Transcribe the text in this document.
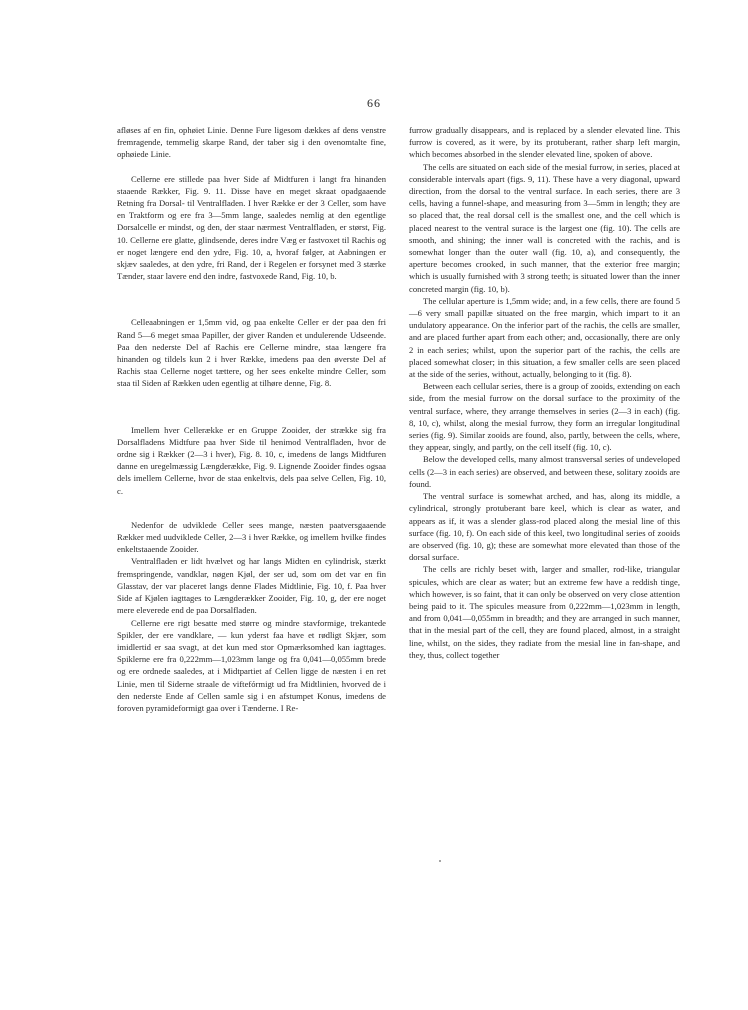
66

afløses af en fin, ophøiet Linie. Denne Fure ligesom dækkes af dens venstre fremragende, temmelig skarpe Rand, der taber sig i den ovenomtalte fine, ophøiede Linie.

Cellerne ere stillede paa hver Side af Midtfuren i langt fra hinanden staaende Rækker, Fig. 9. 11. Disse have en meget skraat opadgaaende Retning fra Dorsal- til Ventralfladen. I hver Række er der 3 Celler, som have en Traktform og ere fra 3—5mm lange, saaledes nemlig at den egentlige Dorsalcelle er mindst, og den, der staar nærmest Ventralfladen, er størst, Fig. 10. Cellerne ere glatte, glindsende, deres indre Væg er fastvoxet til Rachis og er noget længere end den ydre, Fig. 10, a, hvoraf følger, at Aabningen er skjæv saaledes, at den ydre, fri Rand, der i Regelen er forsynet med 3 stærke Tænder, staar lavere end den indre, fastvoxede Rand, Fig. 10, b.

Celleaabningen er 1,5mm vid, og paa enkelte Celler er der paa den fri Rand 5—6 meget smaa Papiller, der giver Randen et undulerende Udseende. Paa den nederste Del af Rachis ere Cellerne mindre, staa længere fra hinanden og tildels kun 2 i hver Række, imedens paa den øverste Del af Rachis staa Cellerne noget tættere, og her sees enkelte mindre Celler, som staa til Siden af Rækken uden egentlig at tilhøre denne, Fig. 8.

Imellem hver Cellerække er en Gruppe Zooider, der strække sig fra Dorsalfladens Midtfure paa hver Side til henimod Ventralfladen, hvor de ordne sig i Rækker (2—3 i hver), Fig. 8. 10, c, imedens de langs Midtfuren danne en uregelmæssig Længderække, Fig. 9. Lignende Zooider findes ogsaa dels imellem Cellerne, hvor de staa enkeltvis, dels paa selve Cellen, Fig. 10, c.

Nedenfor de udviklede Celler sees mange, næsten paatversgaaende Rækker med uudviklede Celler, 2—3 i hver Række, og imellem hvilke findes enkeltstaaende Zooider.

Ventralfladen er lidt hvælvet og har langs Midten en cylindrisk, stærkt fremspringende, vandklar, nøgen Kjøl, der ser ud, som om det var en fin Glasstav, der var placeret langs denne Flades Midtlinie, Fig. 10, f. Paa hver Side af Kjølen iagttages to Længderækker Zooider, Fig. 10, g, der ere noget mere eleverede end de paa Dorsalfladen.

Cellerne ere rigt besatte med større og mindre stavformige, trekantede Spikler, der ere vandklare, — kun yderst faa have et rødligt Skjær, som imidlertid er saa svagt, at det kun med stor Opmærksomhed kan iagttages. Spiklerne ere fra 0,222mm—1,023mm lange og fra 0,041—0,055mm brede og ere ordnede saaledes, at i Midtpartiet af Cellen ligge de næsten i en ret Linie, men til Siderne straale de viftefórmigt ud fra Midtlinien, hvorved de i den nederste Ende af Cellen samle sig i en afstumpet Konus, imedens de foroven pyramideformigt gaa over i Tænderne. I Re-

furrow gradually disappears, and is replaced by a slender elevated line. This furrow is covered, as it were, by its protuberant, rather sharp left margin, which becomes absorbed in the slender elevated line, spoken of above.

The cells are situated on each side of the mesial furrow, in series, placed at considerable intervals apart (figs. 9, 11). These have a very diagonal, upward direction, from the dorsal to the ventral surface. In each series, there are 3 cells, having a funnel-shape, and measuring from 3—5mm in length; they are so placed that, the real dorsal cell is the smallest one, and the cell which is placed nearest to the ventral surace is the largest one (fig. 10). The cells are smooth, and shining; the inner wall is concreted with the rachis, and is somewhat longer than the outer wall (fig. 10, a), and consequently, the aperture becomes crooked, in such manner, that the exterior free margin; which is usually furnished with 3 strong teeth; is situated lower than the inner concreted margin (fig. 10, b).

The cellular aperture is 1,5mm wide; and, in a few cells, there are found 5—6 very small papillæ situated on the free margin, which impart to it an undulatory appearance. On the inferior part of the rachis, the cells are smaller, and are placed further apart from each other; and, occasionally, there are only 2 in each series; whilst, upon the superior part of the rachis, the cells are placed somewhat closer; in this situation, a few smaller cells are seen placed at the side of the series, without, actually, belonging to it (fig. 8).

Between each cellular series, there is a group of zooids, extending on each side, from the mesial furrow on the dorsal surface to the proximity of the ventral surface, where, they arrange themselves in series (2—3 in each) (fig. 8, 10, c), whilst, along the mesial furrow, they form an irregular longitudinal series (fig. 9). Similar zooids are found, also, partly, between the cells, where, they appear, singly, and partly, on the cell itself (fig. 10, c).

Below the developed cells, many almost transversal series of undeveloped cells (2—3 in each series) are observed, and between these, solitary zooids are found.

The ventral surface is somewhat arched, and has, along its middle, a cylindrical, strongly protuberant bare keel, which is clear as water, and appears as if, it was a slender glass-rod placed along the mesial line of this surface (fig. 10, f). On each side of this keel, two longitudinal series of zooids are observed (fig. 10, g); these are somewhat more elevated than those of the dorsal surface.

The cells are richly beset with, larger and smaller, rod-like, triangular spicules, which are clear as water; but an extreme few have a reddish tinge, which however, is so faint, that it can only be observed on very close attention being paid to it. The spicules measure from 0,222mm—1,023mm in length, and from 0,041—0,055mm in breadth; and they are arranged in such manner, that in the mesial part of the cell, they are found placed, almost, in a straight line, whilst, on the sides, they radiate from the mesial line in fan-shape, and they, thus, collect together
